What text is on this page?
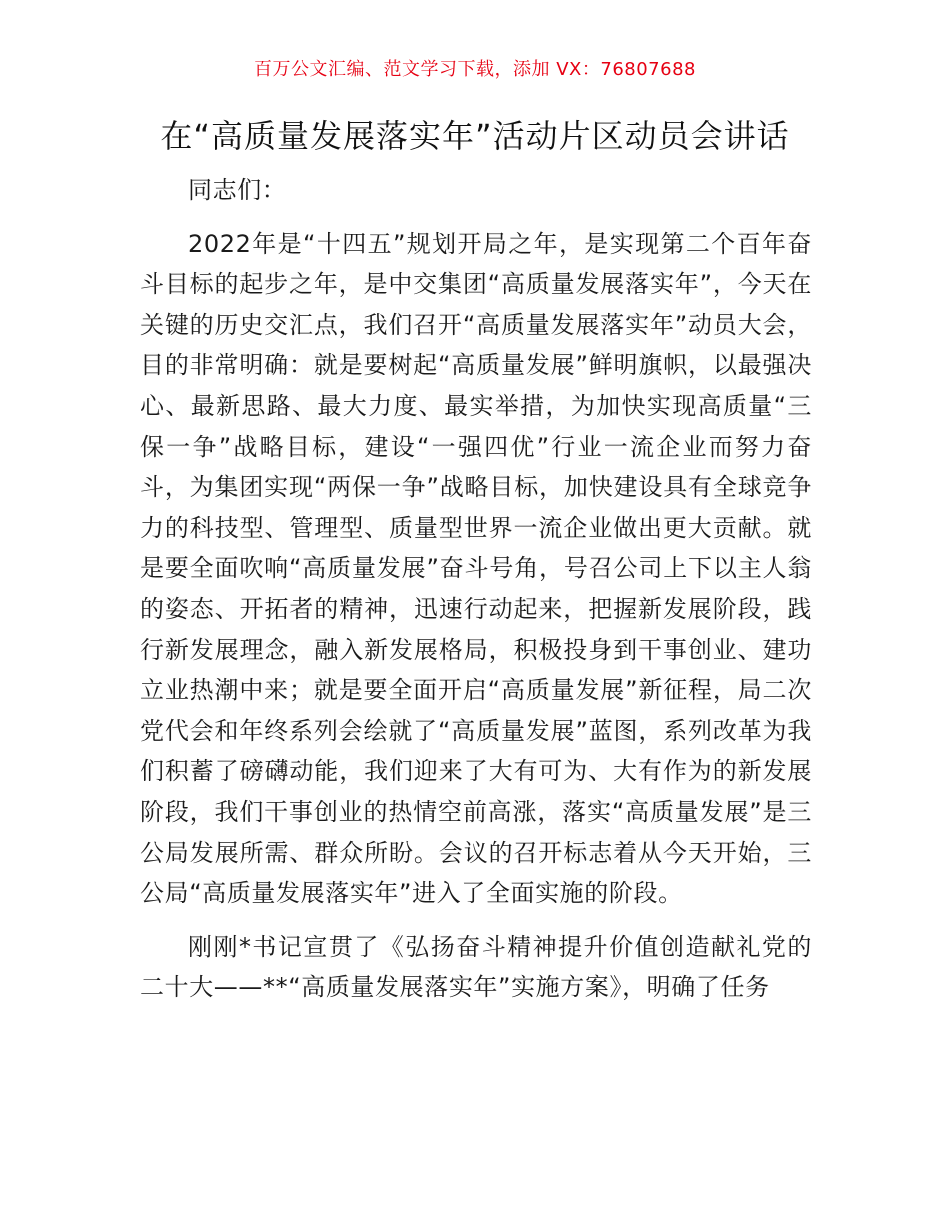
百万公文汇编、范文学习下载，添加 VX：76807688
在“高质量发展落实年”活动片区动员会讲话

同志们：

2022年是“十四五”规划开局之年，是实现第二个百年奋斗目标的起步之年，是中交集团“高质量发展落实年”，今天在关键的历史交汇点，我们召开“高质量发展落实年”动员大会，目的非常明确：就是要树起“高质量发展”鲜明旗帜，以最强决心、最新思路、最大力度、最实举措，为加快实现高质量“三保一争”战略目标，建设“一强四优”行业一流企业而努力奋斗，为集团实现“两保一争”战略目标，加快建设具有全球竞争力的科技型、管理型、质量型世界一流企业做出更大贡献。就是要全面吹响“高质量发展”奋斗号角，号召公司上下以主人翁的姿态、开拓者的精神，迅速行动起来，把握新发展阶段，践行新发展理念，融入新发展格局，积极投身到干事创业、建功立业热潮中来；就是要全面开启“高质量发展”新征程，局二次党代会和年终系列会绘就了“高质量发展”蓝图，系列改革为我们积蓄了磅礴动能，我们迎来了大有可为、大有作为的新发展阶段，我们干事创业的热情空前高涨，落实“高质量发展”是三公局发展所需、群众所盼。会议的召开标志着从今天开始，三公局“高质量发展落实年”进入了全面实施的阶段。

刚刚*书记宣贯了《弘扬奋斗精神提升价值创造献礼党的二十大——**“高质量发展落实年”实施方案》，明确了任务
